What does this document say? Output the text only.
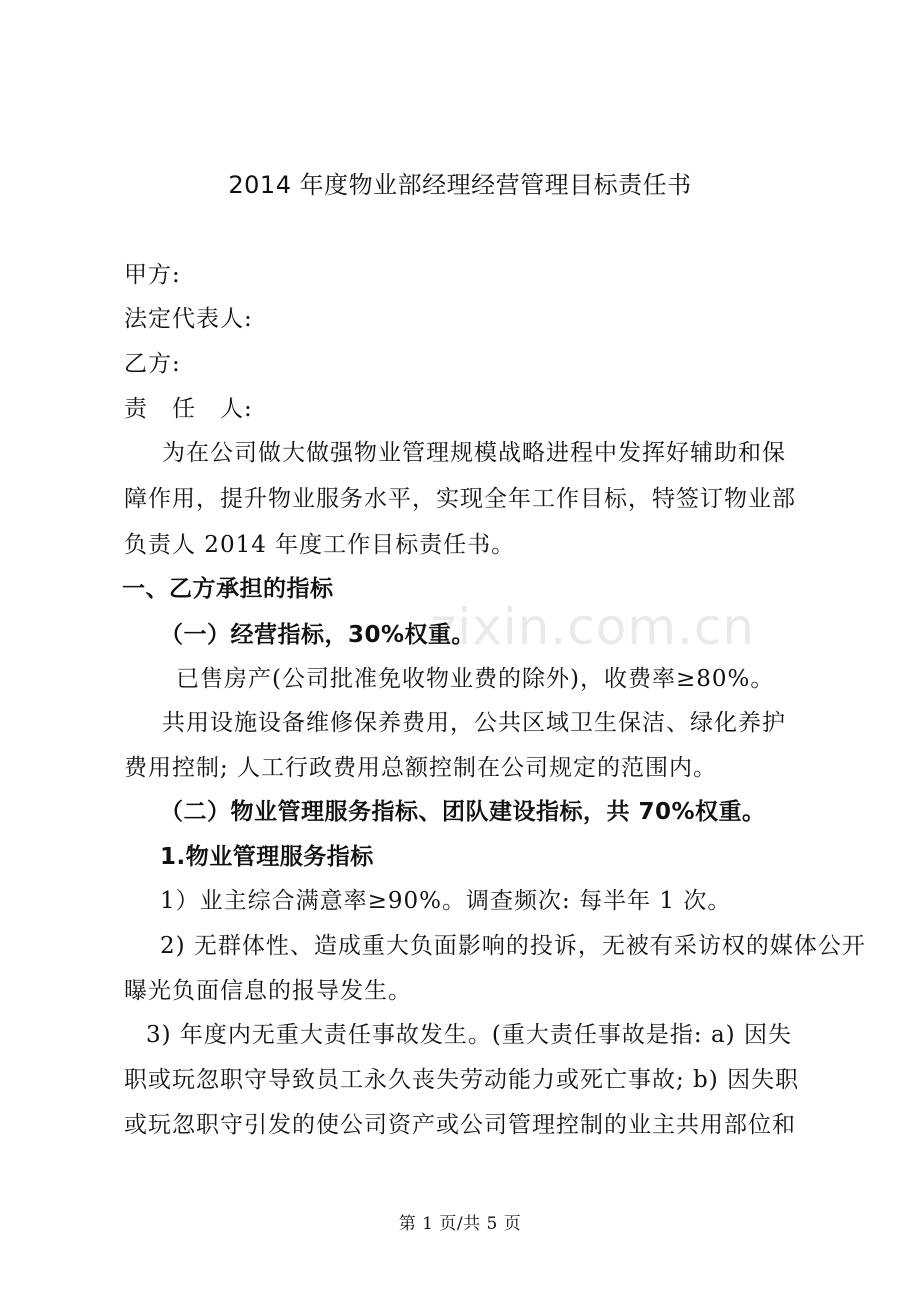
zixin.com.cn
2014 年度物业部经理经营管理目标责任书
甲方:
法定代表人:
乙方:
责　任　人:
为在公司做大做强物业管理规模战略进程中发挥好辅助和保
障作用，提升物业服务水平，实现全年工作目标，特签订物业部
负责人 2014 年度工作目标责任书。
一、乙方承担的指标
（一）经营指标，30%权重。
已售房产(公司批准免收物业费的除外)，收费率≥80%。
共用设施设备维修保养费用，公共区域卫生保洁、绿化养护
费用控制; 人工行政费用总额控制在公司规定的范围内。
（二）物业管理服务指标、团队建设指标，共 70%权重。
1.物业管理服务指标
1）业主综合满意率≥90%。调查频次: 每半年 1 次。
2) 无群体性、造成重大负面影响的投诉，无被有采访权的媒体公开
曝光负面信息的报导发生。
3) 年度内无重大责任事故发生。(重大责任事故是指: a) 因失
职或玩忽职守导致员工永久丧失劳动能力或死亡事故; b) 因失职
或玩忽职守引发的使公司资产或公司管理控制的业主共用部位和
第 1 页/共 5 页
